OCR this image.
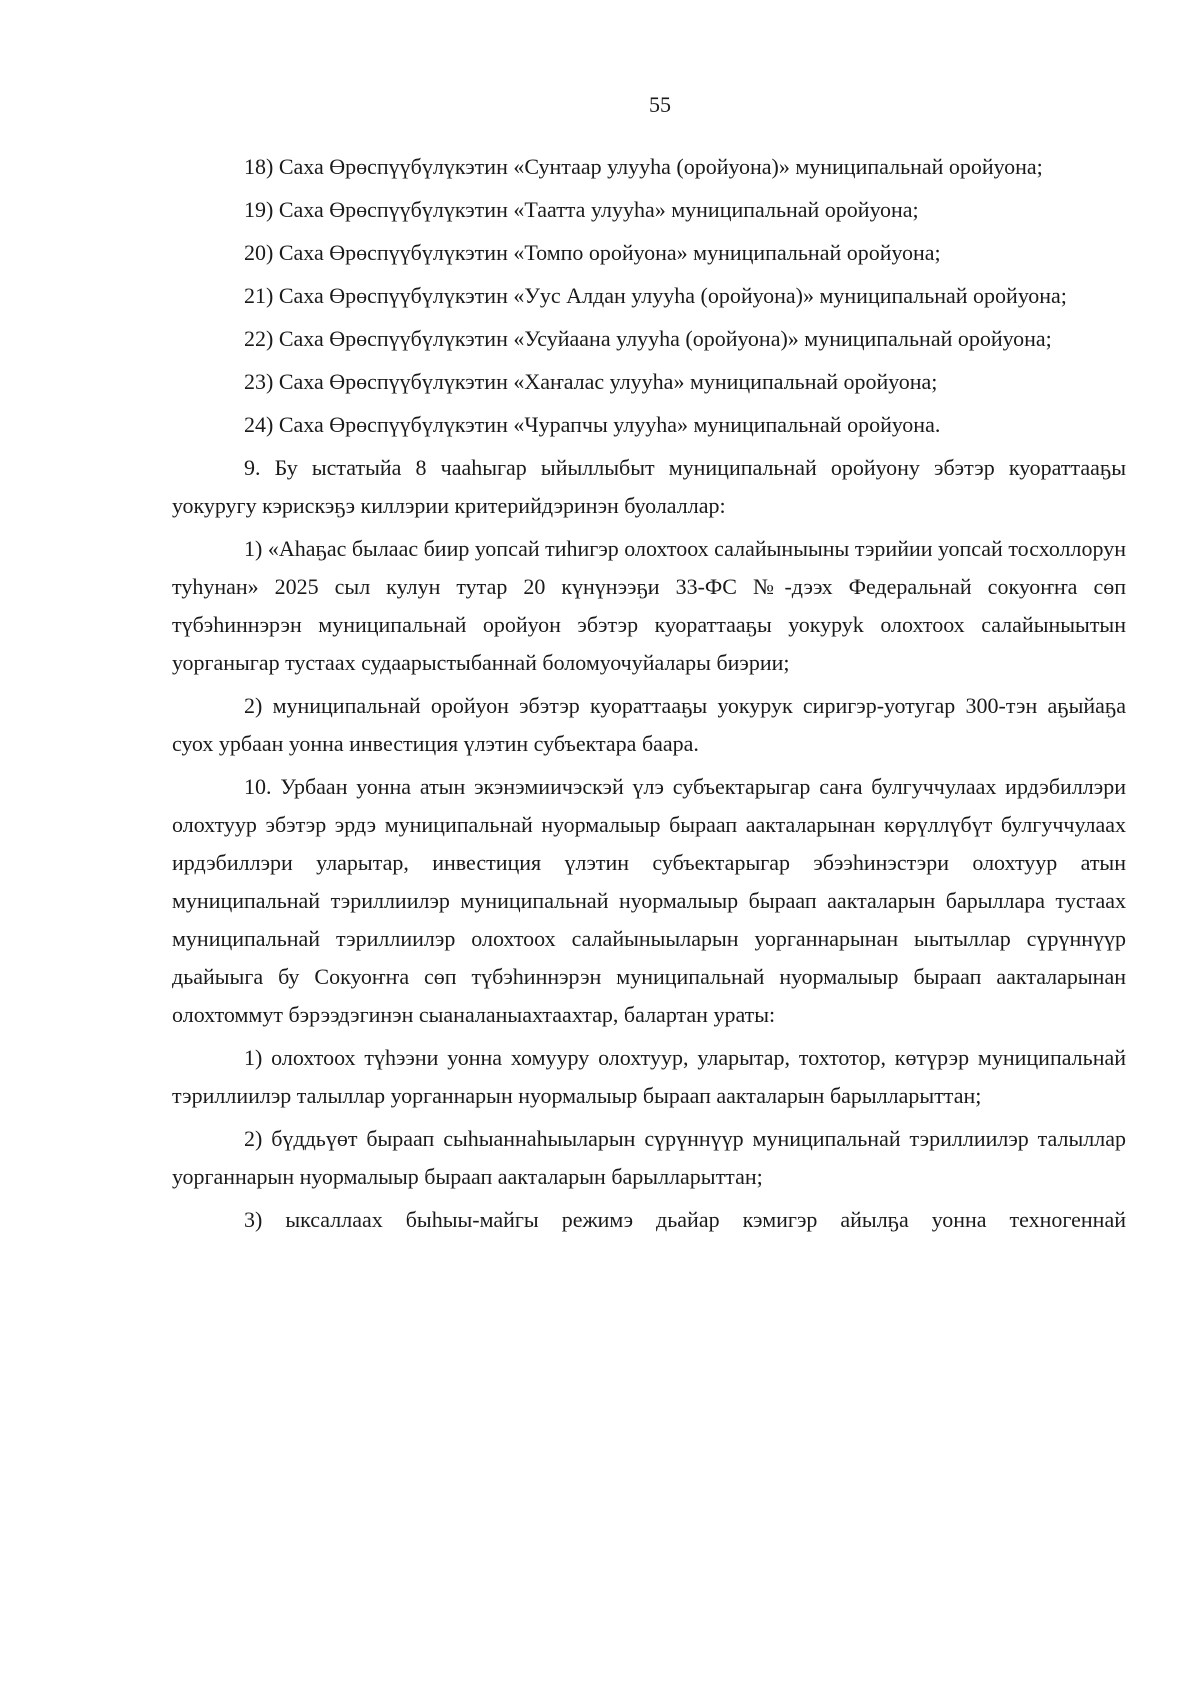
55

18) Саха Өрөспүүбүлүкэтин «Сунтаар улууһа (оройуона)» муниципальнай оройуона;

19) Саха Өрөспүүбүлүкэтин «Таатта улууһа» муниципальнай оройуона;

20) Саха Өрөспүүбүлүкэтин «Томпо оройуона» муниципальнай оройуона;

21) Саха Өрөспүүбүлүкэтин «Уус Алдан улууһа (оройуона)» муниципальнай оройуона;

22) Саха Өрөспүүбүлүкэтин «Усуйаана улууһа (оройуона)» муниципальнай оройуона;

23) Саха Өрөспүүбүлүкэтин «Хаҥалас улууһа» муниципальнай оройуона;

24) Саха Өрөспүүбүлүкэтин «Чурапчы улууһа» муниципальнай оройуона.

9. Бу ыстатыйа 8 чааһыгар ыйыллыбыт муниципальнай оройуону эбэтэр куораттааҕы уокуругу кэрискэҕэ киллэрии критерийдэринэн буолаллар:

1) «Аһаҕас былаас биир уопсай тиһигэр олохтоох салайыныыны тэрийии уопсай тосхоллорун туһунан» 2025 сыл кулун тутар 20 күнүнээҕи 33-ФС №-дээх Федеральнай сокуоҥҥа сөп түбэһиннэрэн муниципальнай оройуон эбэтэр куораттааҕы уокуруk олохтоох салайыныытын уорганыгар тустаах судаарыстыбаннай боломуочуйалары биэрии;

2) муниципальнай оройуон эбэтэр куораттааҕы уокурук сиригэр-уотугар 300-тэн аҕыйаҕа суох урбаан уонна инвестиция үлэтин субъектара баара.

10. Урбаан уонна атын экэнэмиичэскэй үлэ субъектарыгар саҥа булгуччулаах ирдэбиллэри олохтуур эбэтэр эрдэ муниципальнай нуормалыыр быраап аакталарынан көрүллүбүт булгуччулаах ирдэбиллэри уларытар, инвестиция үлэтин субъектарыгар эбээһинэстэри олохтуур атын муниципальнай тэриллиилэр муниципальнай нуормалыыр быраап аакталарын барыллара тустаах муниципальнай тэриллиилэр олохтоох салайыныыларын уорганнарынан ыытыллар сүрүннүүр дьайыыга бу Сокуоҥҥа сөп түбэһиннэрэн муниципальнай нуормалыыр быраап аакталарынан олохтоммут бэрээдэгинэн сыаналаныахтаахтар, балартан ураты:

1) олохтоох түһээни уонна хомууру олохтуур, уларытар, тохтотор, көтүрэр муниципальнай тэриллиилэр талыллар уорганнарын нуормалыыр быраап аакталарын барылларыттан;

2) бүддьүөт быраап сыһыаннаһыыларын сүрүннүүр муниципальнай тэриллиилэр талыллар уорганнарын нуормалыыр быраап аакталарын барылларыттан;

3) ыксаллаах быһыы-майгы режимэ дьайар кэмигэр айылҕа уонна техногеннай
